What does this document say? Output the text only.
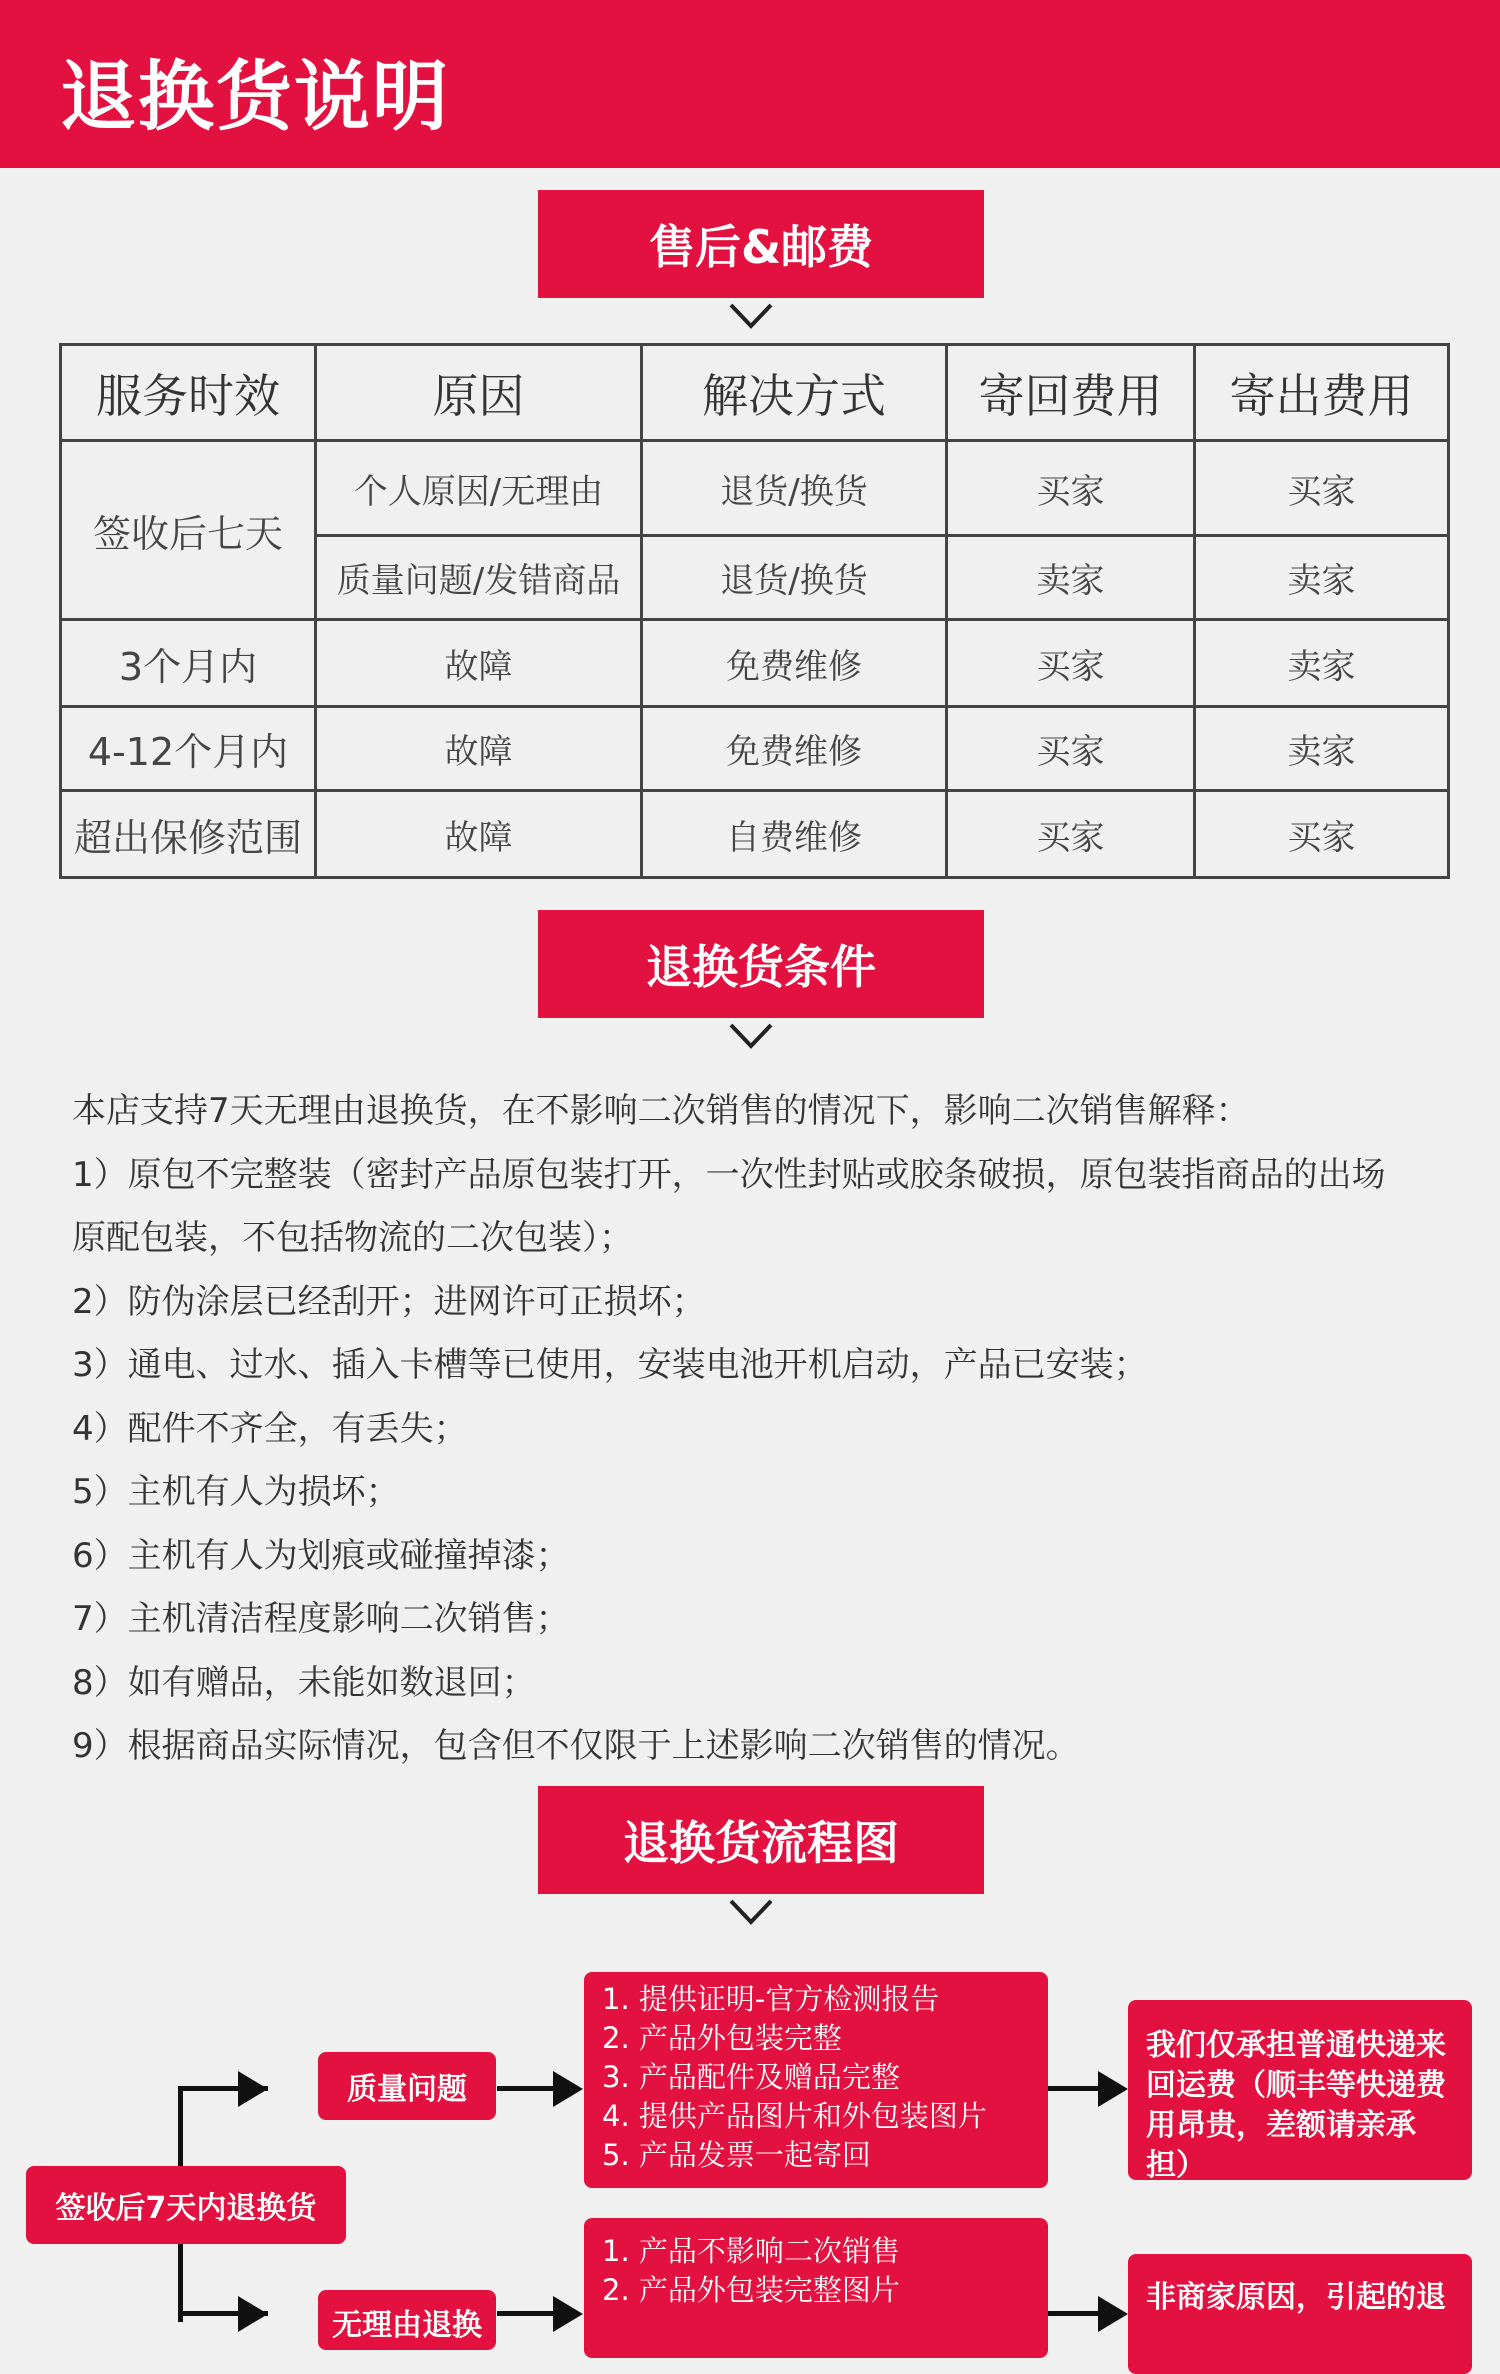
退换货说明
售后&邮费
服务时效	原因	解决方式	寄回费用	寄出费用
签收后七天	个人原因/无理由	退货/换货	买家	买家
	质量问题/发错商品	退货/换货	卖家	卖家
3个月内	故障	免费维修	买家	卖家
4-12个月内	故障	免费维修	买家	卖家
超出保修范围	故障	自费维修	买家	买家
退换货条件
本店支持7天无理由退换货，在不影响二次销售的情况下，影响二次销售解释：
1）原包不完整装（密封产品原包装打开，一次性封贴或胶条破损，原包装指商品的出场
原配包装，不包括物流的二次包装）；
2）防伪涂层已经刮开；进网许可正损坏；
3）通电、过水、插入卡槽等已使用，安装电池开机启动，产品已安装；
4）配件不齐全，有丢失；
5）主机有人为损坏；
6）主机有人为划痕或碰撞掉漆；
7）主机清洁程度影响二次销售；
8）如有赠品，未能如数退回；
9）根据商品实际情况，包含但不仅限于上述影响二次销售的情况。
退换货流程图
签收后7天内退换货
质量问题
无理由退换
1. 提供证明-官方检测报告
2. 产品外包装完整
3. 产品配件及赠品完整
4. 提供产品图片和外包装图片
5. 产品发票一起寄回
1. 产品不影响二次销售
2. 产品外包装完整图片
我们仅承担普通快递来回运费（顺丰等快递费用昂贵，差额请亲承担）
非商家原因，引起的退
